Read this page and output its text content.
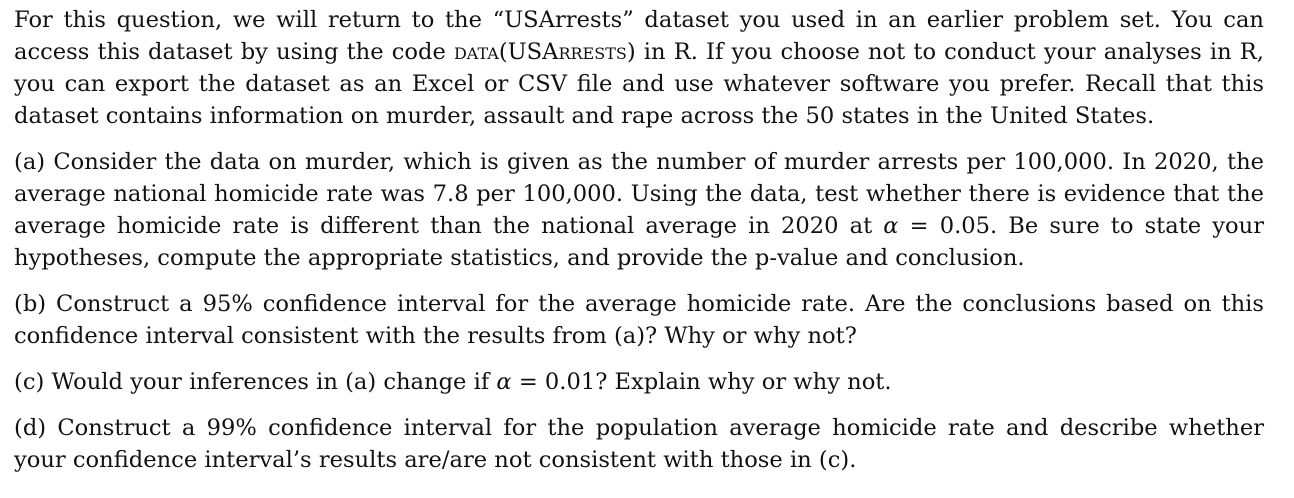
For this question, we will return to the “USArrests” dataset you used in an earlier problem set. You can access this dataset by using the code data(USArrests) in R. If you choose not to conduct your analyses in R, you can export the dataset as an Excel or CSV file and use whatever software you prefer. Recall that this dataset contains information on murder, assault and rape across the 50 states in the United States.

(a) Consider the data on murder, which is given as the number of murder arrests per 100,000. In 2020, the average national homicide rate was 7.8 per 100,000. Using the data, test whether there is evidence that the average homicide rate is different than the national average in 2020 at α = 0.05. Be sure to state your hypotheses, compute the appropriate statistics, and provide the p-value and conclusion.

(b) Construct a 95% confidence interval for the average homicide rate. Are the conclusions based on this confidence interval consistent with the results from (a)? Why or why not?

(c) Would your inferences in (a) change if α = 0.01? Explain why or why not.

(d) Construct a 99% confidence interval for the population average homicide rate and describe whether your confidence interval’s results are/are not consistent with those in (c).
